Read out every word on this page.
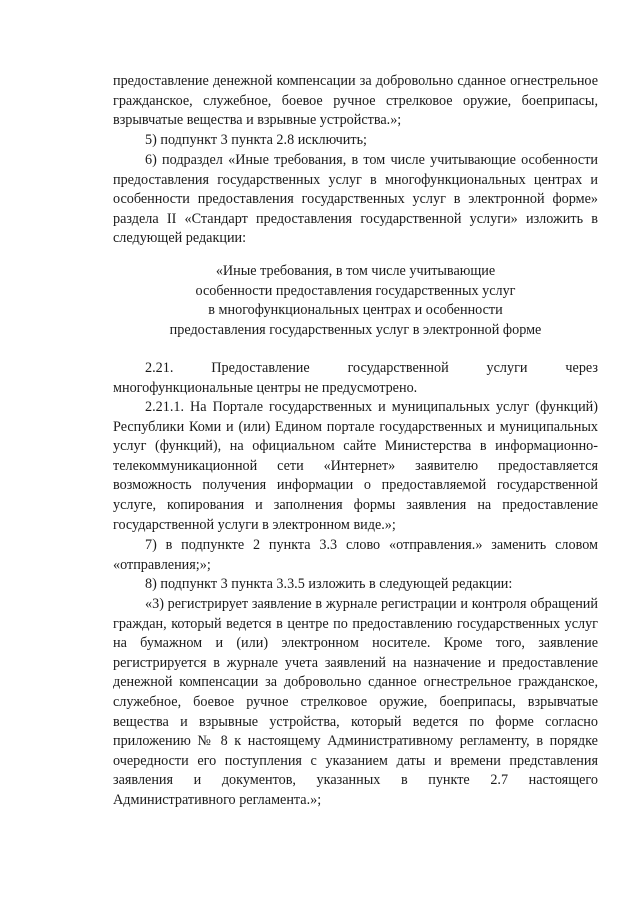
предоставление денежной компенсации за добровольно сданное огнестрельное гражданское, служебное, боевое ручное стрелковое оружие, боеприпасы, взрывчатые вещества и взрывные устройства.»;

5) подпункт 3 пункта 2.8 исключить;

6) подраздел «Иные требования, в том числе учитывающие особенности предоставления государственных услуг в многофункциональных центрах и особенности предоставления государственных услуг в электронной форме» раздела II «Стандарт предоставления государственной услуги» изложить в следующей редакции:

«Иные требования, в том числе учитывающие
особенности предоставления государственных услуг
в многофункциональных центрах и особенности
предоставления государственных услуг в электронной форме

2.21. Предоставление государственной услуги через многофункциональные центры не предусмотрено.

2.21.1. На Портале государственных и муниципальных услуг (функций) Республики Коми и (или) Едином портале государственных и муниципальных услуг (функций), на официальном сайте Министерства в информационно-телекоммуникационной сети «Интернет» заявителю предоставляется возможность получения информации о предоставляемой государственной услуге, копирования и заполнения формы заявления на предоставление государственной услуги в электронном виде.»;

7) в подпункте 2 пункта 3.3 слово «отправления.» заменить словом «отправления;»;

8) подпункт 3 пункта 3.3.5 изложить в следующей редакции:

«3) регистрирует заявление в журнале регистрации и контроля обращений граждан, который ведется в центре по предоставлению государственных услуг на бумажном и (или) электронном носителе. Кроме того, заявление регистрируется в журнале учета заявлений на назначение и предоставление денежной компенсации за добровольно сданное огнестрельное гражданское, служебное, боевое ручное стрелковое оружие, боеприпасы, взрывчатые вещества и взрывные устройства, который ведется по форме согласно приложению № 8 к настоящему Административному регламенту, в порядке очередности его поступления с указанием даты и времени представления заявления и документов, указанных в пункте 2.7 настоящего Административного регламента.»;
